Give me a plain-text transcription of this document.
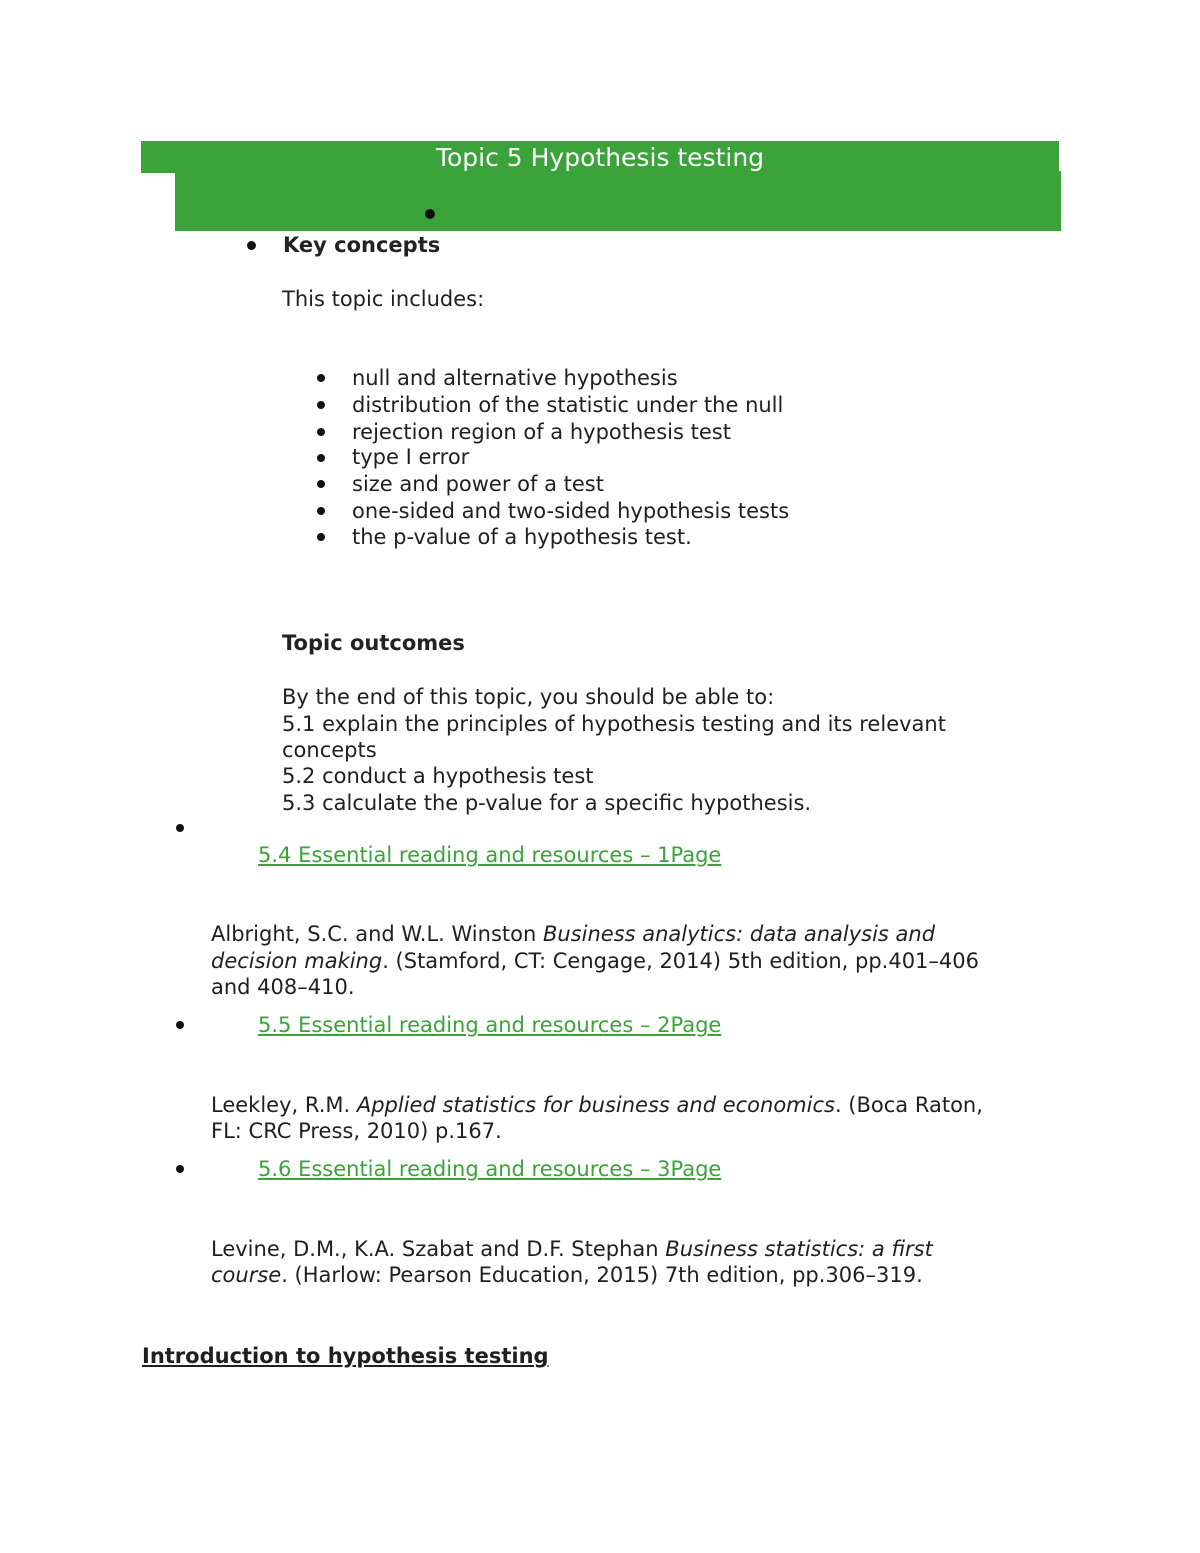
Topic 5 Hypothesis testing
Key concepts
This topic includes:
null and alternative hypothesis
distribution of the statistic under the null
rejection region of a hypothesis test
type I error
size and power of a test
one-sided and two-sided hypothesis tests
the p-value of a hypothesis test.
Topic outcomes
By the end of this topic, you should be able to:
5.1 explain the principles of hypothesis testing and its relevant
concepts
5.2 conduct a hypothesis test
5.3 calculate the p-value for a specific hypothesis.
5.4 Essential reading and resources – 1Page
Albright, S.C. and W.L. Winston Business analytics: data analysis and
decision making. (Stamford, CT: Cengage, 2014) 5th edition, pp.401–406
and 408–410.
5.5 Essential reading and resources – 2Page
Leekley, R.M. Applied statistics for business and economics. (Boca Raton,
FL: CRC Press, 2010) p.167.
5.6 Essential reading and resources – 3Page
Levine, D.M., K.A. Szabat and D.F. Stephan Business statistics: a first
course. (Harlow: Pearson Education, 2015) 7th edition, pp.306–319.
Introduction to hypothesis testing
